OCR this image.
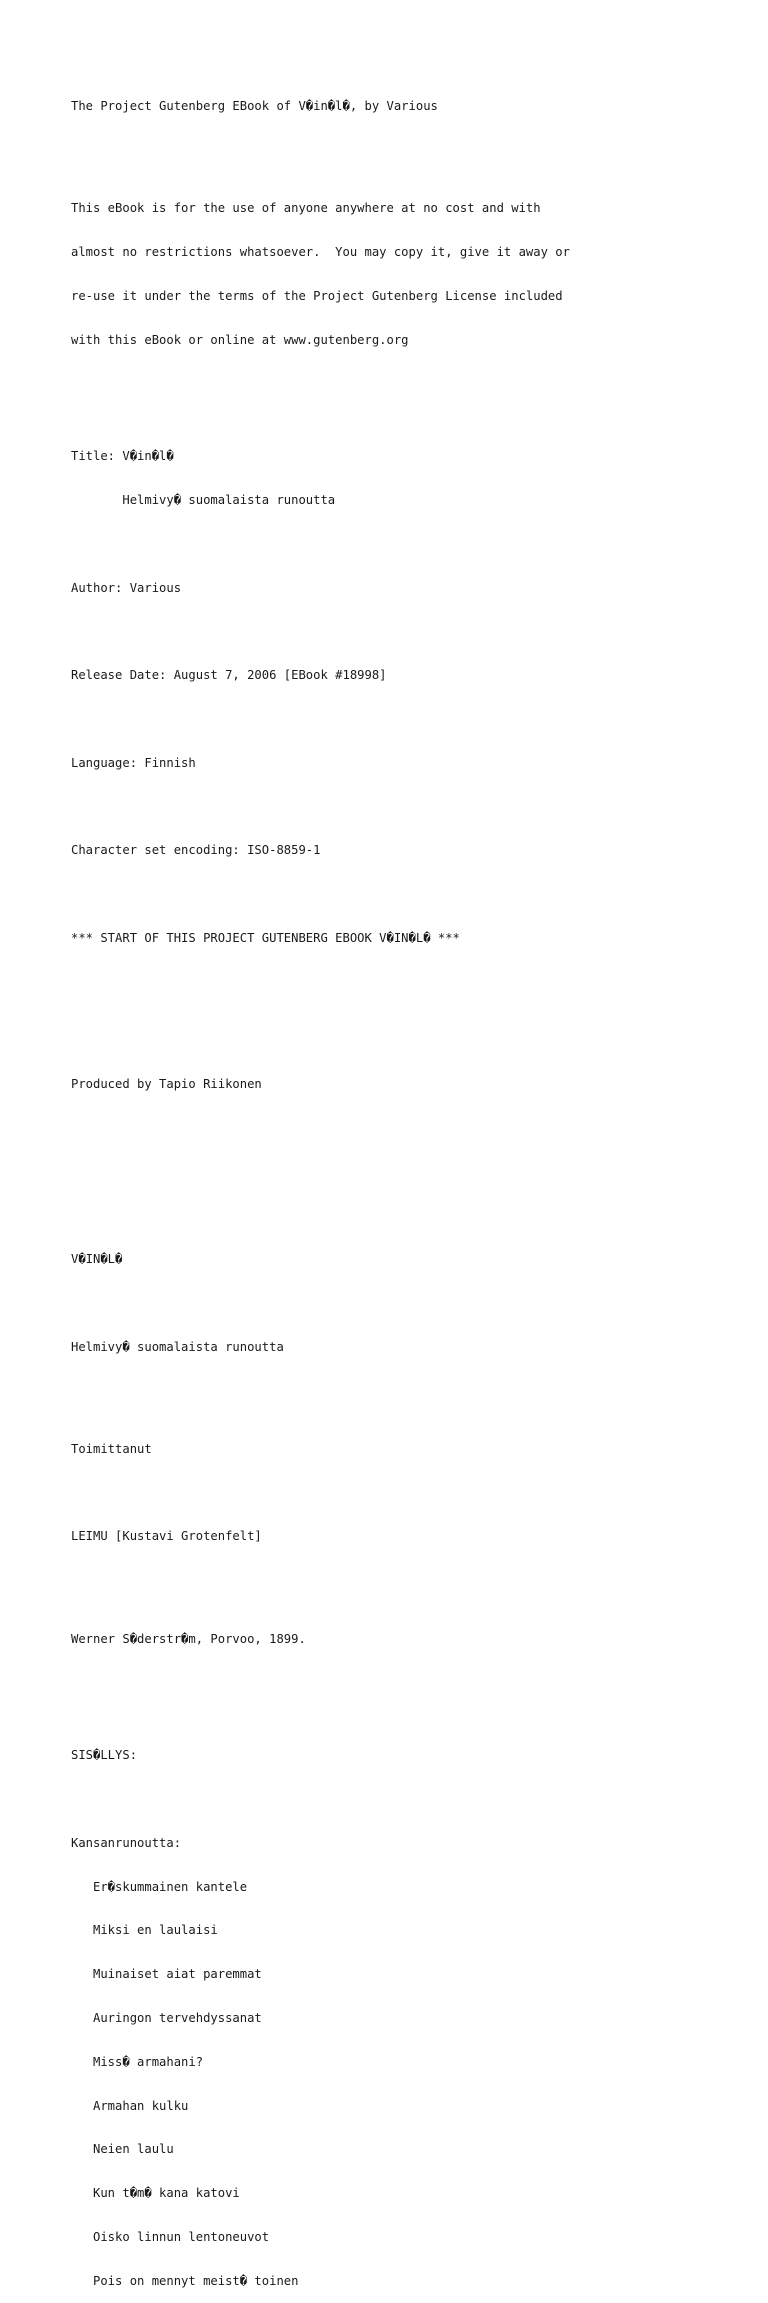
The Project Gutenberg EBook of V�in�l�, by Various

This eBook is for the use of anyone anywhere at no cost and with

almost no restrictions whatsoever.  You may copy it, give it away or

re-use it under the terms of the Project Gutenberg License included

with this eBook or online at www.gutenberg.org

Title: V�in�l�

Helmivy� suomalaista runoutta

Author: Various

Release Date: August 7, 2006 [EBook #18998]

Language: Finnish

Character set encoding: ISO-8859-1

*** START OF THIS PROJECT GUTENBERG EBOOK V�IN�L� ***

Produced by Tapio Riikonen

V�IN�L�

Helmivy� suomalaista runoutta

Toimittanut

LEIMU [Kustavi Grotenfelt]

Werner S�derstr�m, Porvoo, 1899.

SIS�LLYS:

Kansanrunoutta:

Er�skummainen kantele

Miksi en laulaisi

Muinaiset aiat paremmat

Auringon tervehdyssanat

Miss� armahani?

Armahan kulku

Neien laulu

Kun t�m� kana katovi

Oisko linnun lentoneuvot

Pois on mennyt meist� toinen
